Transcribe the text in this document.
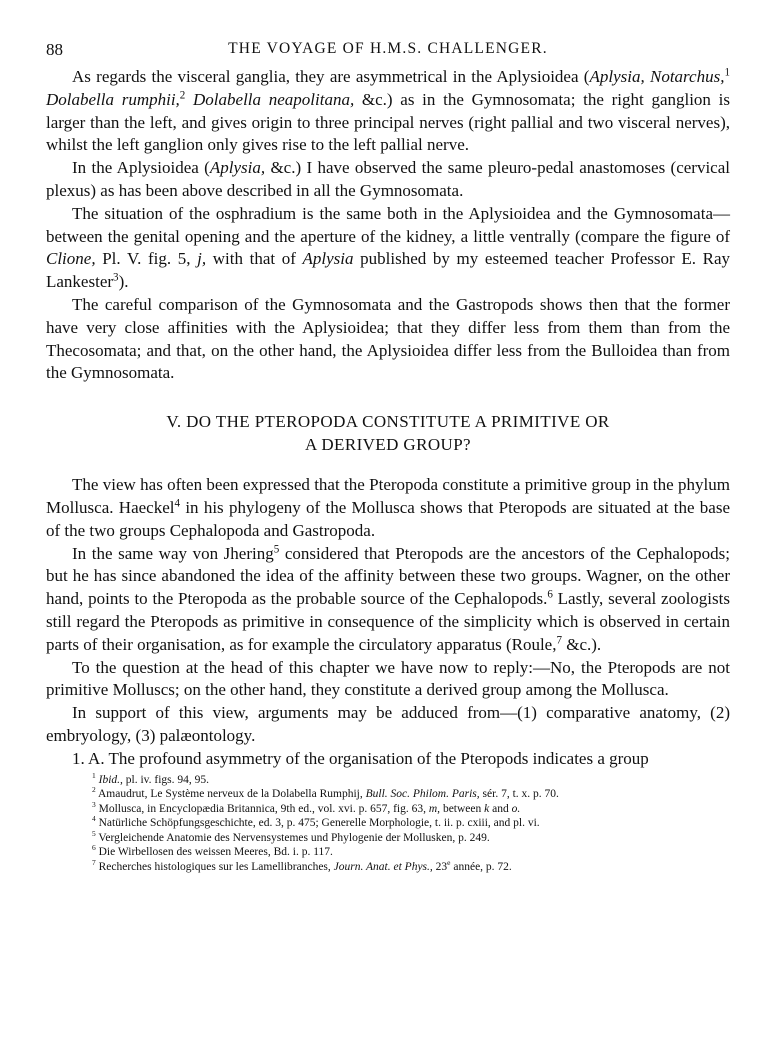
88	THE VOYAGE OF H.M.S. CHALLENGER.

As regards the visceral ganglia, they are asymmetrical in the Aplysioidea (Aplysia, Notarchus,$^1$ Dolabella rumphii,$^2$ Dolabella neapolitana, &c.) as in the Gymnosomata; the right ganglion is larger than the left, and gives origin to three principal nerves (right pallial and two visceral nerves), whilst the left ganglion only gives rise to the left pallial nerve.

In the Aplysioidea (Aplysia, &c.) I have observed the same pleuro-pedal anastomoses (cervical plexus) as has been above described in all the Gymnosomata.

The situation of the osphradium is the same both in the Aplysioidea and the Gymnosomata—between the genital opening and the aperture of the kidney, a little ventrally (compare the figure of Clione, Pl. V. fig. 5, j, with that of Aplysia published by my esteemed teacher Professor E. Ray Lankester$^3$).

The careful comparison of the Gymnosomata and the Gastropods shows then that the former have very close affinities with the Aplysioidea; that they differ less from them than from the Thecosomata; and that, on the other hand, the Aplysioidea differ less from the Bulloidea than from the Gymnosomata.

V. DO THE PTEROPODA CONSTITUTE A PRIMITIVE OR
A DERIVED GROUP?

The view has often been expressed that the Pteropoda constitute a primitive group in the phylum Mollusca. Haeckel$^4$ in his phylogeny of the Mollusca shows that Pteropods are situated at the base of the two groups Cephalopoda and Gastropoda.

In the same way von Jhering$^5$ considered that Pteropods are the ancestors of the Cephalopods; but he has since abandoned the idea of the affinity between these two groups. Wagner, on the other hand, points to the Pteropoda as the probable source of the Cephalopods.$^6$ Lastly, several zoologists still regard the Pteropods as primitive in consequence of the simplicity which is observed in certain parts of their organisation, as for example the circulatory apparatus (Roule,$^7$ &c.).

To the question at the head of this chapter we have now to reply:—No, the Pteropods are not primitive Molluscs; on the other hand, they constitute a derived group among the Mollusca.

In support of this view, arguments may be adduced from—(1) comparative anatomy, (2) embryology, (3) palæontology.

1. A. The profound asymmetry of the organisation of the Pteropods indicates a group

$^1$ Ibid., pl. iv. figs. 94, 95.
$^2$ Amaudrut, Le Système nerveux de la Dolabella Rumphij, Bull. Soc. Philom. Paris, sér. 7, t. x. p. 70.
$^3$ Mollusca, in Encyclopædia Britannica, 9th ed., vol. xvi. p. 657, fig. 63, m, between k and o.
$^4$ Natürliche Schöpfungsgeschichte, ed. 3, p. 475; Generelle Morphologie, t. ii. p. cxiii, and pl. vi.
$^5$ Vergleichende Anatomie des Nervensystemes und Phylogenie der Mollusken, p. 249.
$^6$ Die Wirbellosen des weissen Meeres, Bd. i. p. 117.
$^7$ Recherches histologiques sur les Lamellibranches, Journ. Anat. et Phys., 23e année, p. 72.
